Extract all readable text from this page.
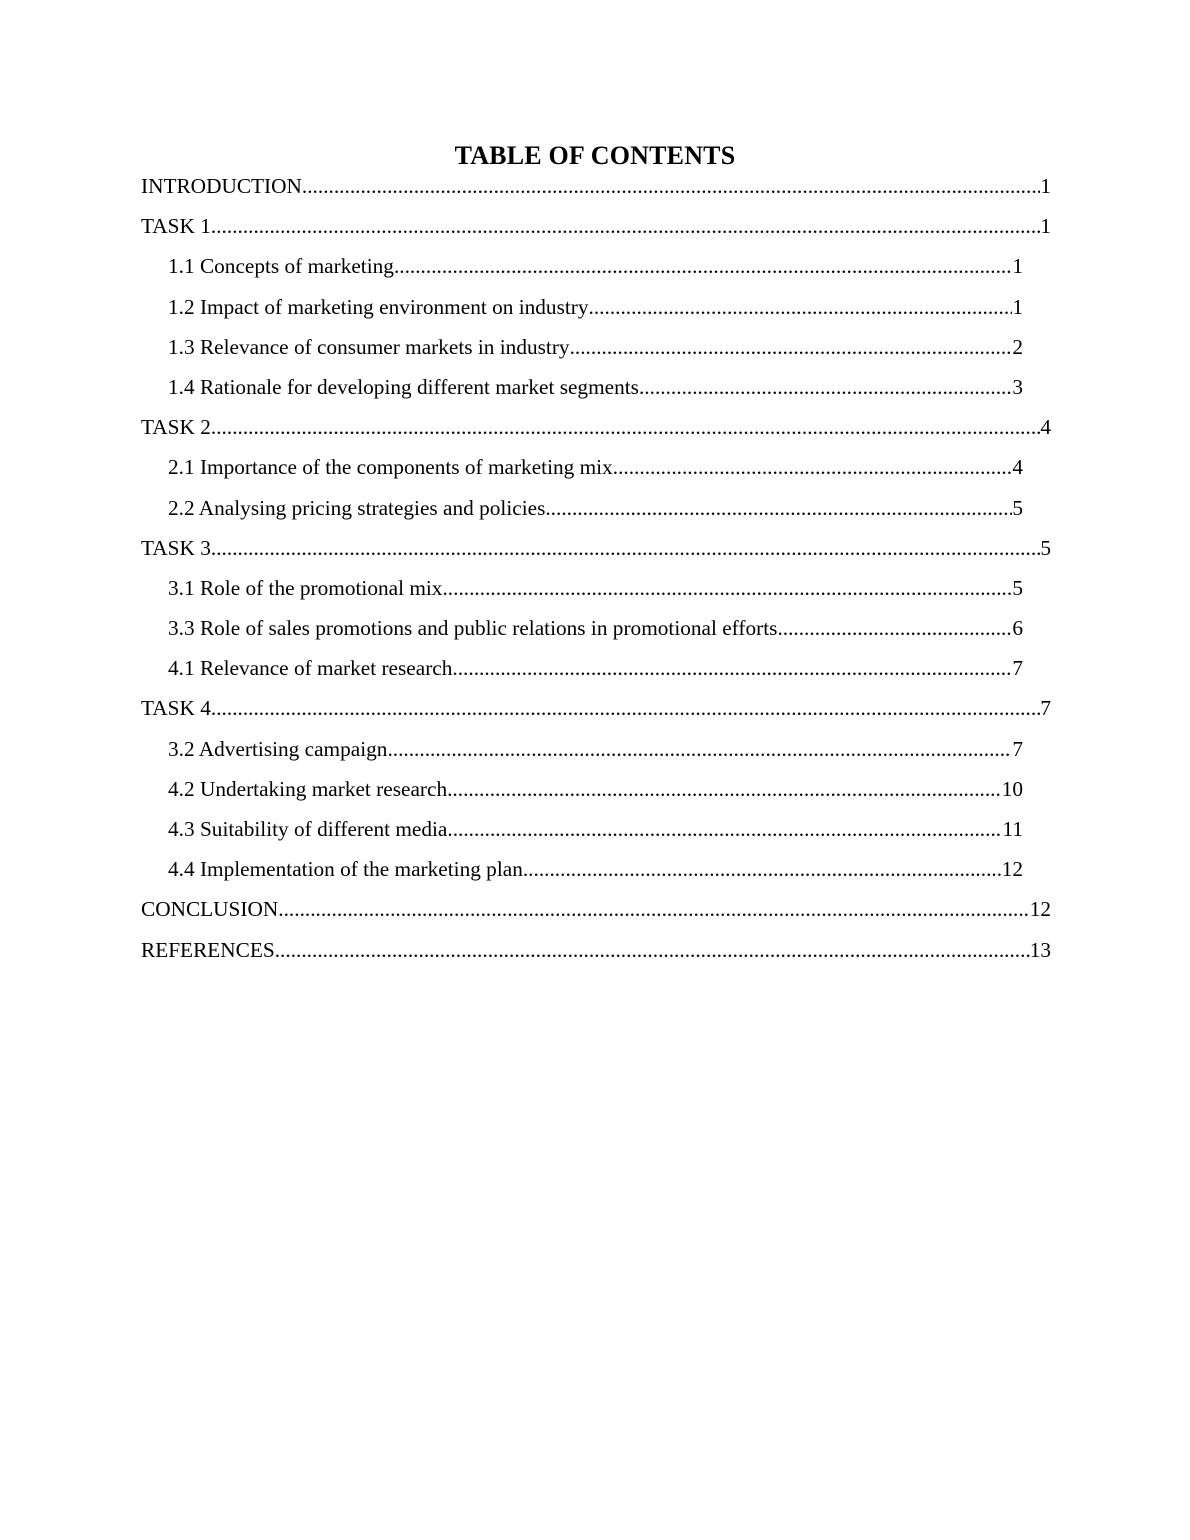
TABLE OF CONTENTS
INTRODUCTION .....	1
TASK 1 .....	1
1.1 Concepts of marketing .....	1
1.2 Impact of marketing environment on industry .....	1
1.3 Relevance of consumer markets in industry .....	2
1.4 Rationale for developing different market segments .....	3
TASK 2 .....	4
2.1 Importance of the components of marketing mix .....	4
2.2 Analysing pricing strategies and policies .....	5
TASK 3 .....	5
3.1 Role of the promotional mix .....	5
3.3 Role of sales promotions and public relations in promotional efforts .....	6
4.1 Relevance of market research .....	7
TASK 4 .....	7
3.2 Advertising campaign .....	7
4.2 Undertaking market research .....	10
4.3 Suitability of different media .....	11
4.4 Implementation of the marketing plan .....	12
CONCLUSION .....	12
REFERENCES .....	13
